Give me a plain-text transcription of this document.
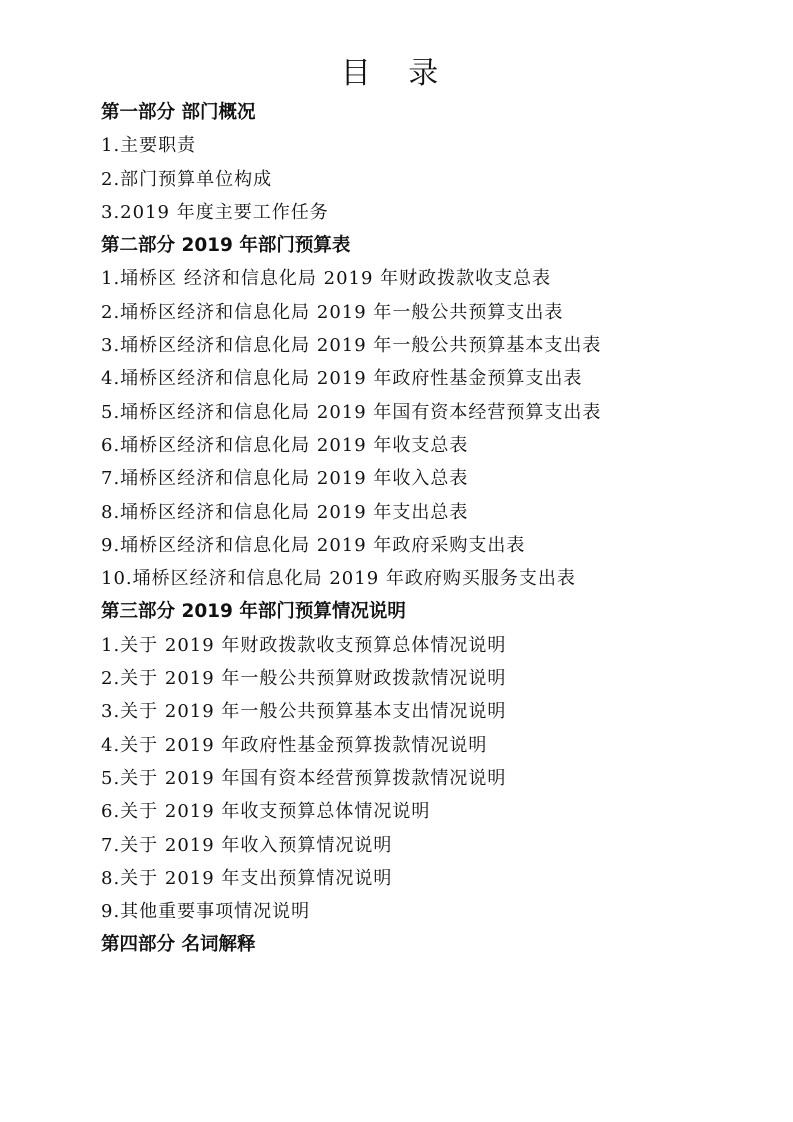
目 录
第一部分 部门概况
1.主要职责
2.部门预算单位构成
3.2019 年度主要工作任务
第二部分 2019 年部门预算表
1.埇桥区 经济和信息化局 2019 年财政拨款收支总表
2.埇桥区经济和信息化局 2019 年一般公共预算支出表
3.埇桥区经济和信息化局 2019 年一般公共预算基本支出表
4.埇桥区经济和信息化局 2019 年政府性基金预算支出表
5.埇桥区经济和信息化局 2019 年国有资本经营预算支出表
6.埇桥区经济和信息化局 2019 年收支总表
7.埇桥区经济和信息化局 2019 年收入总表
8.埇桥区经济和信息化局 2019 年支出总表
9.埇桥区经济和信息化局 2019 年政府采购支出表
10.埇桥区经济和信息化局 2019 年政府购买服务支出表
第三部分 2019 年部门预算情况说明
1.关于 2019 年财政拨款收支预算总体情况说明
2.关于 2019 年一般公共预算财政拨款情况说明
3.关于 2019 年一般公共预算基本支出情况说明
4.关于 2019 年政府性基金预算拨款情况说明
5.关于 2019 年国有资本经营预算拨款情况说明
6.关于 2019 年收支预算总体情况说明
7.关于 2019 年收入预算情况说明
8.关于 2019 年支出预算情况说明
9.其他重要事项情况说明
第四部分 名词解释
